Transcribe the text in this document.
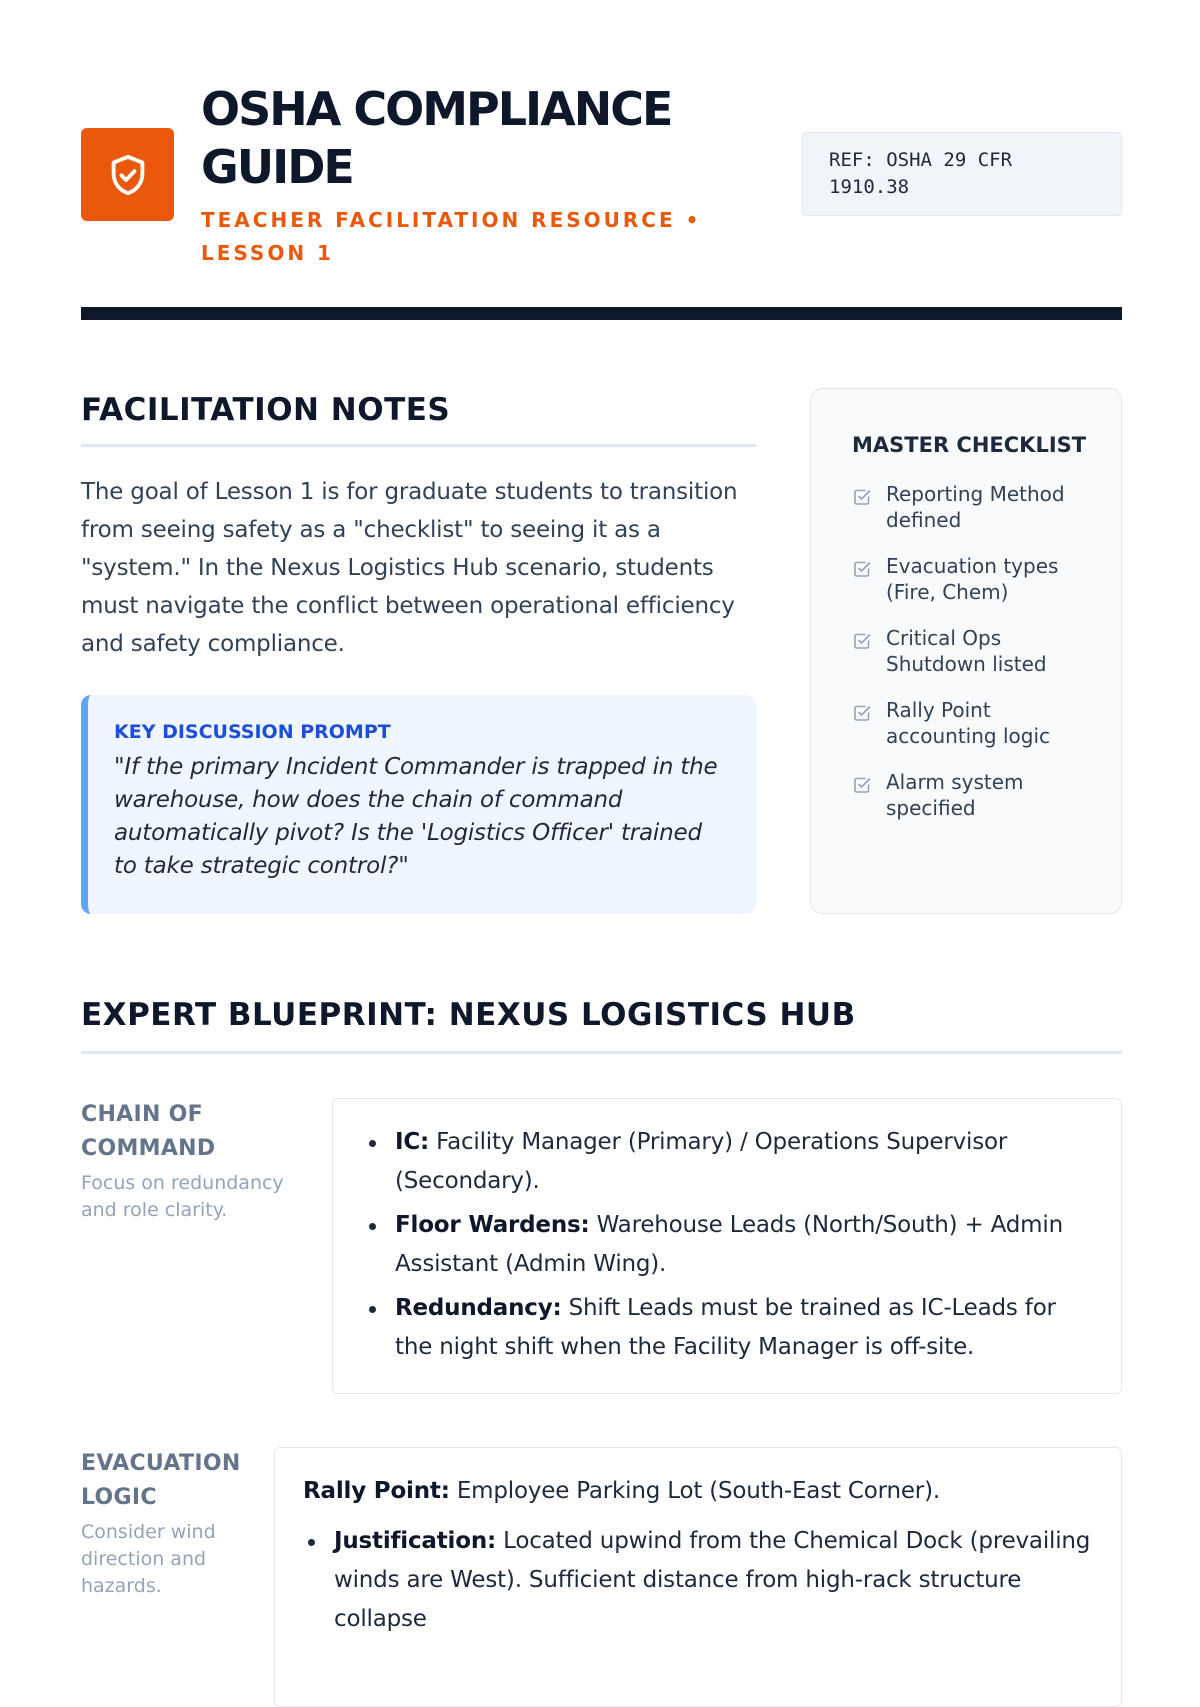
OSHA COMPLIANCE GUIDE
TEACHER FACILITATION RESOURCE • LESSON 1
REF: OSHA 29 CFR 1910.38
FACILITATION NOTES

The goal of Lesson 1 is for graduate students to transition from seeing safety as a "checklist" to seeing it as a "system." In the Nexus Logistics Hub scenario, students must navigate the conflict between operational efficiency and safety compliance.

KEY DISCUSSION PROMPT
"If the primary Incident Commander is trapped in the warehouse, how does the chain of command automatically pivot? Is the 'Logistics Officer' trained to take strategic control?"
MASTER CHECKLIST
Reporting Method defined
Evacuation types (Fire, Chem)
Critical Ops Shutdown listed
Rally Point accounting logic
Alarm system specified
EXPERT BLUEPRINT: NEXUS LOGISTICS HUB
CHAIN OF COMMAND
Focus on redundancy and role clarity.
IC: Facility Manager (Primary) / Operations Supervisor (Secondary).
Floor Wardens: Warehouse Leads (North/South) + Admin Assistant (Admin Wing).
Redundancy: Shift Leads must be trained as IC-Leads for the night shift when the Facility Manager is off-site.
EVACUATION LOGIC
Consider wind direction and hazards.
Rally Point: Employee Parking Lot (South-East Corner).
Justification: Located upwind from the Chemical Dock (prevailing winds are West). Sufficient distance from high-rack structure collapse
